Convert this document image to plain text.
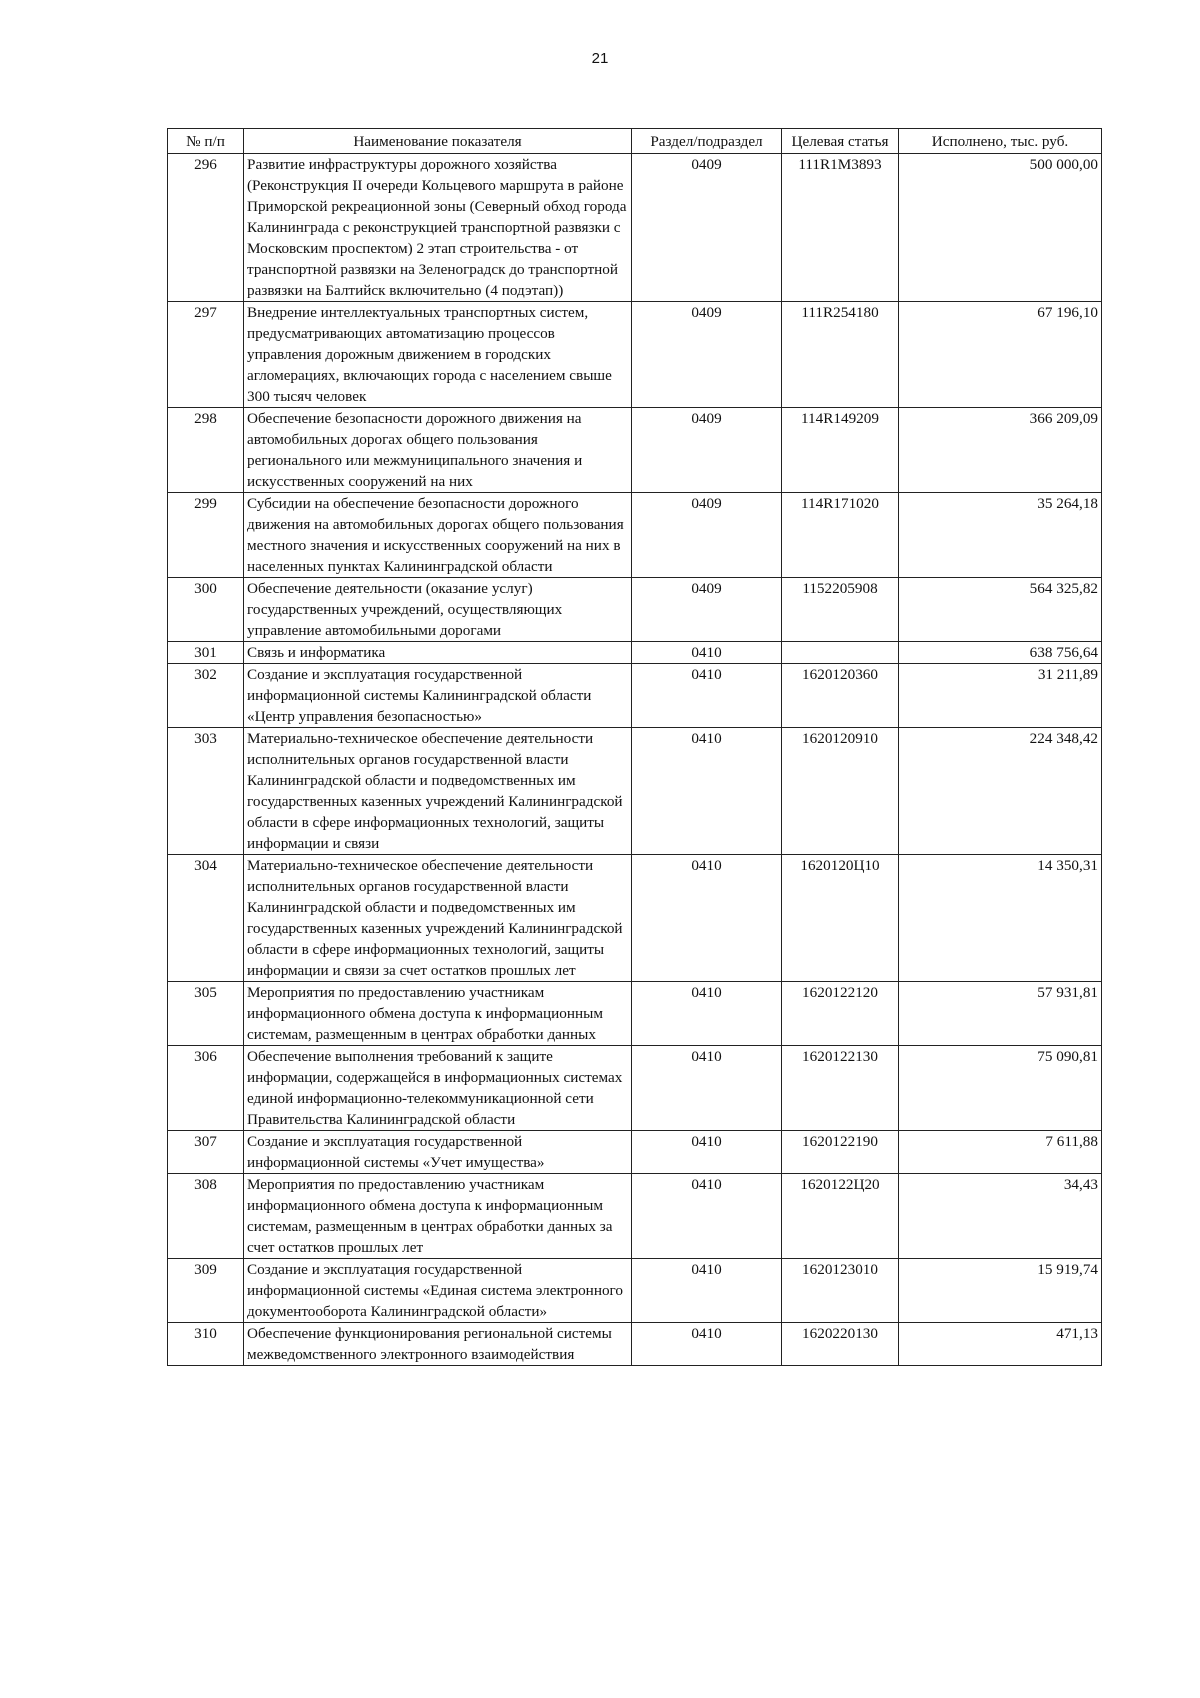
21
№ п/п	Наименование показателя	Раздел/подраздел	Целевая статья	Исполнено, тыс. руб.
296	Развитие инфраструктуры дорожного хозяйства (Реконструкция II очереди Кольцевого маршрута в районе Приморской рекреационной зоны (Северный обход города Калининграда с реконструкцией транспортной развязки с Московским проспектом) 2 этап строительства - от транспортной развязки на Зеленоградск до транспортной развязки на Балтийск включительно (4 подэтап))	0409	111R1M3893	500 000,00
297	Внедрение интеллектуальных транспортных систем, предусматривающих автоматизацию процессов управления дорожным движением в городских агломерациях, включающих города с населением свыше 300 тысяч человек	0409	111R254180	67 196,10
298	Обеспечение безопасности дорожного движения на автомобильных дорогах общего пользования регионального или межмуниципального значения и искусственных сооружений на них	0409	114R149209	366 209,09
299	Субсидии на обеспечение безопасности дорожного движения на автомобильных дорогах общего пользования местного значения и искусственных сооружений на них в населенных пунктах Калининградской области	0409	114R171020	35 264,18
300	Обеспечение деятельности (оказание услуг) государственных учреждений, осуществляющих управление автомобильными дорогами	0409	1152205908	564 325,82
301	Связь и информатика	0410		638 756,64
302	Создание и эксплуатация государственной информационной системы Калининградской области «Центр управления безопасностью»	0410	1620120360	31 211,89
303	Материально-техническое обеспечение деятельности исполнительных органов государственной власти Калининградской области и подведомственных им государственных казенных учреждений Калининградской области в сфере информационных технологий, защиты информации и связи	0410	1620120910	224 348,42
304	Материально-техническое обеспечение деятельности исполнительных органов государственной власти Калининградской области и подведомственных им государственных казенных учреждений Калининградской области в сфере информационных технологий, защиты информации и связи за счет остатков прошлых лет	0410	1620120Ц10	14 350,31
305	Мероприятия по предоставлению участникам информационного обмена доступа к информационным системам, размещенным в центрах обработки данных	0410	1620122120	57 931,81
306	Обеспечение выполнения требований к защите информации, содержащейся в информационных системах единой информационно-телекоммуникационной сети Правительства Калининградской области	0410	1620122130	75 090,81
307	Создание и эксплуатация государственной информационной системы «Учет имущества»	0410	1620122190	7 611,88
308	Мероприятия по предоставлению участникам информационного обмена доступа к информационным системам, размещенным в центрах обработки данных за счет остатков прошлых лет	0410	1620122Ц20	34,43
309	Создание и эксплуатация государственной информационной системы «Единая система электронного документооборота Калининградской области»	0410	1620123010	15 919,74
310	Обеспечение функционирования региональной системы межведомственного электронного взаимодействия	0410	1620220130	471,13
